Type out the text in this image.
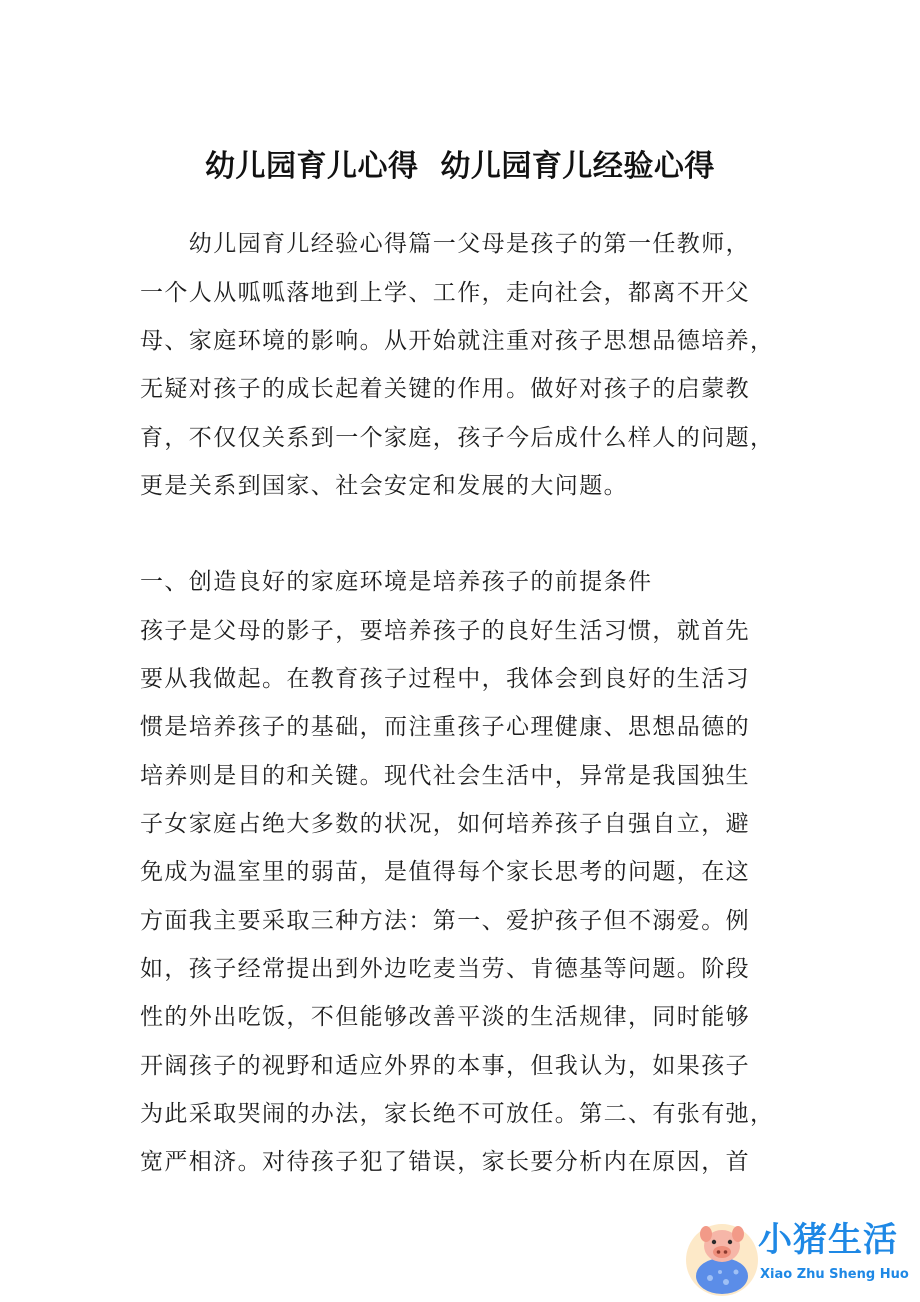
幼儿园育儿心得  幼儿园育儿经验心得
　　幼儿园育儿经验心得篇一父母是孩子的第一任教师，
一个人从呱呱落地到上学、工作，走向社会，都离不开父
母、家庭环境的影响。从开始就注重对孩子思想品德培养，
无疑对孩子的成长起着关键的作用。做好对孩子的启蒙教
育，不仅仅关系到一个家庭，孩子今后成什么样人的问题，
更是关系到国家、社会安定和发展的大问题。
一、创造良好的家庭环境是培养孩子的前提条件
孩子是父母的影子，要培养孩子的良好生活习惯，就首先
要从我做起。在教育孩子过程中，我体会到良好的生活习
惯是培养孩子的基础，而注重孩子心理健康、思想品德的
培养则是目的和关键。现代社会生活中，异常是我国独生
子女家庭占绝大多数的状况，如何培养孩子自强自立，避
免成为温室里的弱苗，是值得每个家长思考的问题，在这
方面我主要采取三种方法：第一、爱护孩子但不溺爱。例
如，孩子经常提出到外边吃麦当劳、肯德基等问题。阶段
性的外出吃饭，不但能够改善平淡的生活规律，同时能够
开阔孩子的视野和适应外界的本事，但我认为，如果孩子
为此采取哭闹的办法，家长绝不可放任。第二、有张有弛，
宽严相济。对待孩子犯了错误，家长要分析内在原因，首
小猪生活
Xiao Zhu Sheng Huo
